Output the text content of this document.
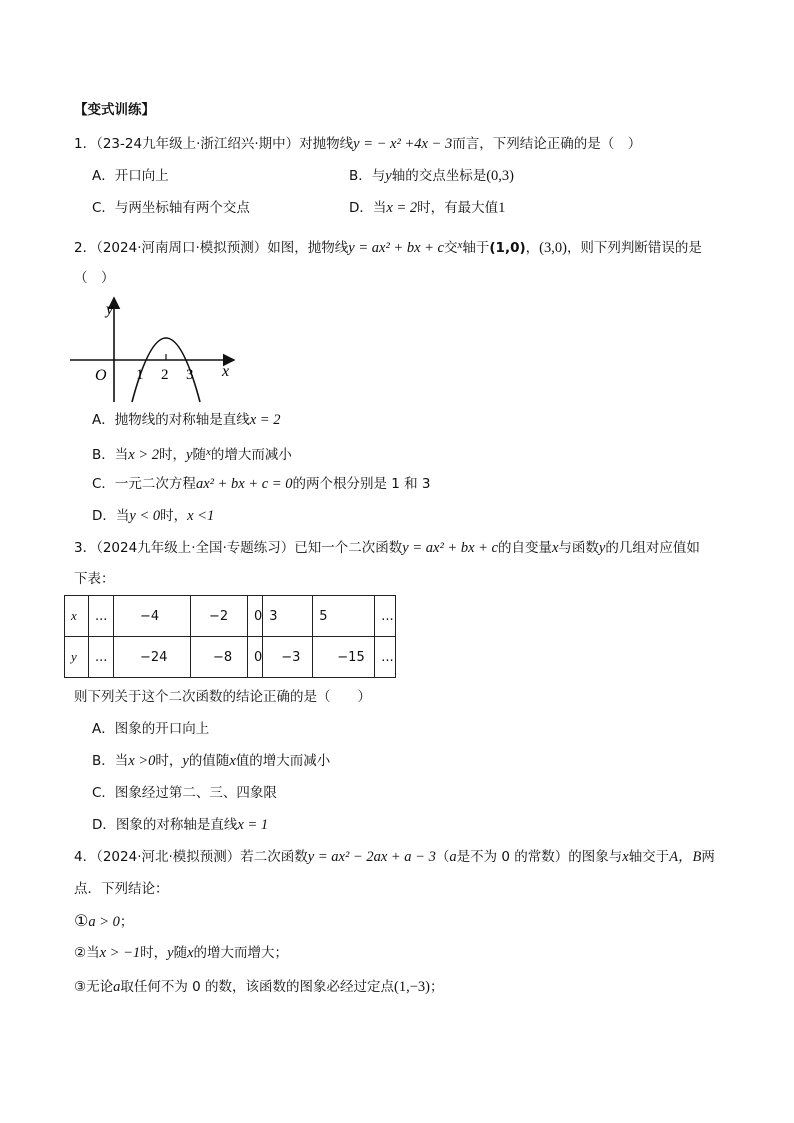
【变式训练】
1．（23-24九年级上·浙江绍兴·期中）对抛物线y = − x² +4x − 3而言，下列结论正确的是（　）
A．开口向上	B．与y轴的交点坐标是(0,3)
C．与两坐标轴有两个交点	D．当x = 2时，有最大值1
2．（2024·河南周口·模拟预测）如图，抛物线y = ax² + bx + c交$^x$轴于(1,0)，(3,0)，则下列判断错误的是
（　）
y
x
O 1 2 3
A．抛物线的对称轴是直线x = 2
B．当x > 2时，y随$^x$的增大而减小
C．一元二次方程ax² + bx + c = 0的两个根分别是 1 和 3
D．当y < 0时，x <1
3．（2024九年级上·全国·专题练习）已知一个二次函数y = ax² + bx + c的自变量x与函数y的几组对应值如
下表：
x	...	−4	−2	0	3	5	...
y	...	−24	−8	0	−3	−15	...
则下列关于这个二次函数的结论正确的是（　　）
A．图象的开口向上
B．当x >0时，y的值随x值的增大而减小
C．图象经过第二、三、四象限
D．图象的对称轴是直线x = 1
4．（2024·河北·模拟预测）若二次函数y = ax² − 2ax + a − 3（a是不为 0 的常数）的图象与x轴交于A，B两
点．下列结论：
①a > 0；
②当x > −1时，y随x的增大而增大；
③无论a取任何不为 0 的数，该函数的图象必经过定点(1,−3)；
